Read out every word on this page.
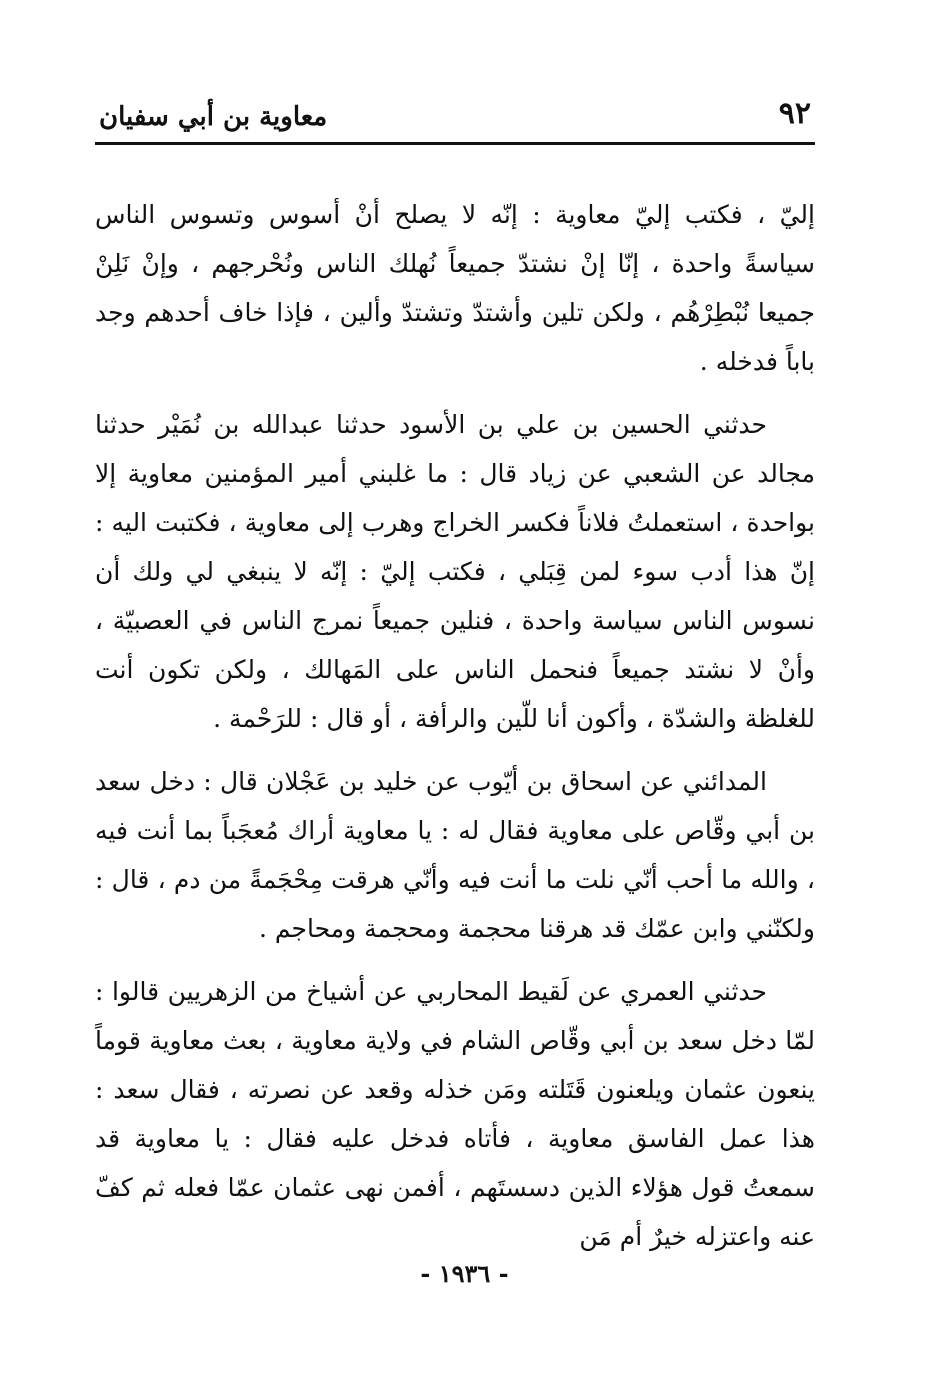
٩٢
معاوية بن أبي سفيان

إليّ ، فكتب إليّ معاوية : إنّه لا يصلح أنْ أسوس وتسوس الناس سياسةً واحدة ، إنّا إنْ نشتدّ جميعاً نُهلك الناس ونُحْرجهم ، وإنْ نَلِنْ جميعا نُبْطِرْهُم ، ولكن تلين وأشتدّ وتشتدّ وألين ، فإذا خاف أحدهم وجد باباً فدخله .

حدثني الحسين بن علي بن الأسود حدثنا عبدالله بن نُمَيْر حدثنا مجالد عن الشعبي عن زياد قال : ما غلبني أمير المؤمنين معاوية إلا بواحدة ، استعملتُ فلاناً فكسر الخراج وهرب إلى معاوية ، فكتبت اليه : إنّ هذا أدب سوء لمن قِبَلي ، فكتب إليّ : إنّه لا ينبغي لي ولك أن نسوس الناس سياسة واحدة ، فنلين جميعاً نمرج الناس في العصبيّة ، وأنْ لا نشتد جميعاً فنحمل الناس على المَهالك ، ولكن تكون أنت للغلظة والشدّة ، وأكون أنا للّين والرأفة ، أو قال : للرَحْمة .

المدائني عن اسحاق بن أيّوب عن خليد بن عَجْلان قال : دخل سعد بن أبي وقّاص على معاوية فقال له : يا معاوية أراك مُعجَباً بما أنت فيه ، والله ما أحب أنّي نلت ما أنت فيه وأنّي هرقت مِحْجَمةً من دم ، قال : ولكنّني وابن عمّك قد هرقنا محجمة ومحجمة ومحاجم .

حدثني العمري عن لَقيط المحاربي عن أشياخ من الزهريين قالوا : لمّا دخل سعد بن أبي وقّاص الشام في ولاية معاوية ، بعث معاوية قوماً ينعون عثمان ويلعنون قَتَلته ومَن خذله وقعد عن نصرته ، فقال سعد : هذا عمل الفاسق معاوية ، فأتاه فدخل عليه فقال : يا معاوية قد سمعتُ قول هؤلاء الذين دسستَهم ، أفمن نهى عثمان عمّا فعله ثم كفّ عنه واعتزله خيرٌ أم مَن

- ١٩٣٦ -
